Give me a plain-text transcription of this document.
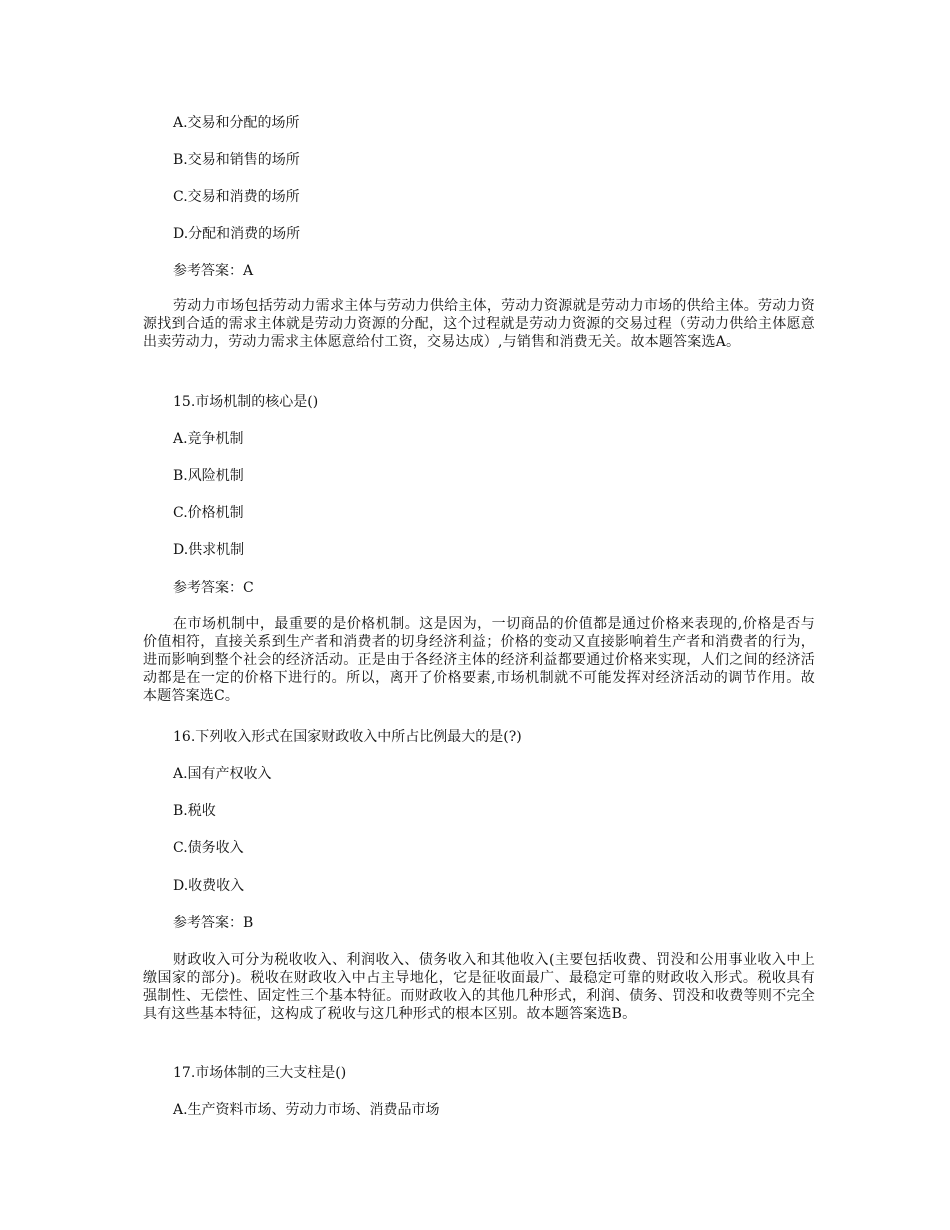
A.交易和分配的场所
B.交易和销售的场所
C.交易和消费的场所
D.分配和消费的场所
参考答案：A
劳动力市场包括劳动力需求主体与劳动力供给主体，劳动力资源就是劳动力市场的供给主体。劳动力资源找到合适的需求主体就是劳动力资源的分配，这个过程就是劳动力资源的交易过程（劳动力供给主体愿意出卖劳动力，劳动力需求主体愿意给付工资，交易达成）,与销售和消费无关。故本题答案选A。
15.市场机制的核心是()
A.竞争机制
B.风险机制
C.价格机制
D.供求机制
参考答案：C
在市场机制中，最重要的是价格机制。这是因为，一切商品的价值都是通过价格来表现的,价格是否与价值相符，直接关系到生产者和消费者的切身经济利益；价格的变动又直接影响着生产者和消费者的行为，进而影响到整个社会的经济活动。正是由于各经济主体的经济利益都要通过价格来实现，人们之间的经济活动都是在一定的价格下进行的。所以，离开了价格要素,市场机制就不可能发挥对经济活动的调节作用。故本题答案选C。
16.下列收入形式在国家财政收入中所占比例最大的是(?)
A.国有产权收入
B.税收
C.债务收入
D.收费收入
参考答案：B
财政收入可分为税收收入、利润收入、债务收入和其他收入(主要包括收费、罚没和公用事业收入中上缴国家的部分)。税收在财政收入中占主导地化，它是征收面最广、最稳定可靠的财政收入形式。税收具有强制性、无偿性、固定性三个基本特征。而财政收入的其他几种形式，利润、债务、罚没和收费等则不完全具有这些基本特征，这构成了税收与这几种形式的根本区别。故本题答案选B。
17.市场体制的三大支柱是()
A.生产资料市场、劳动力市场、消费品市场
